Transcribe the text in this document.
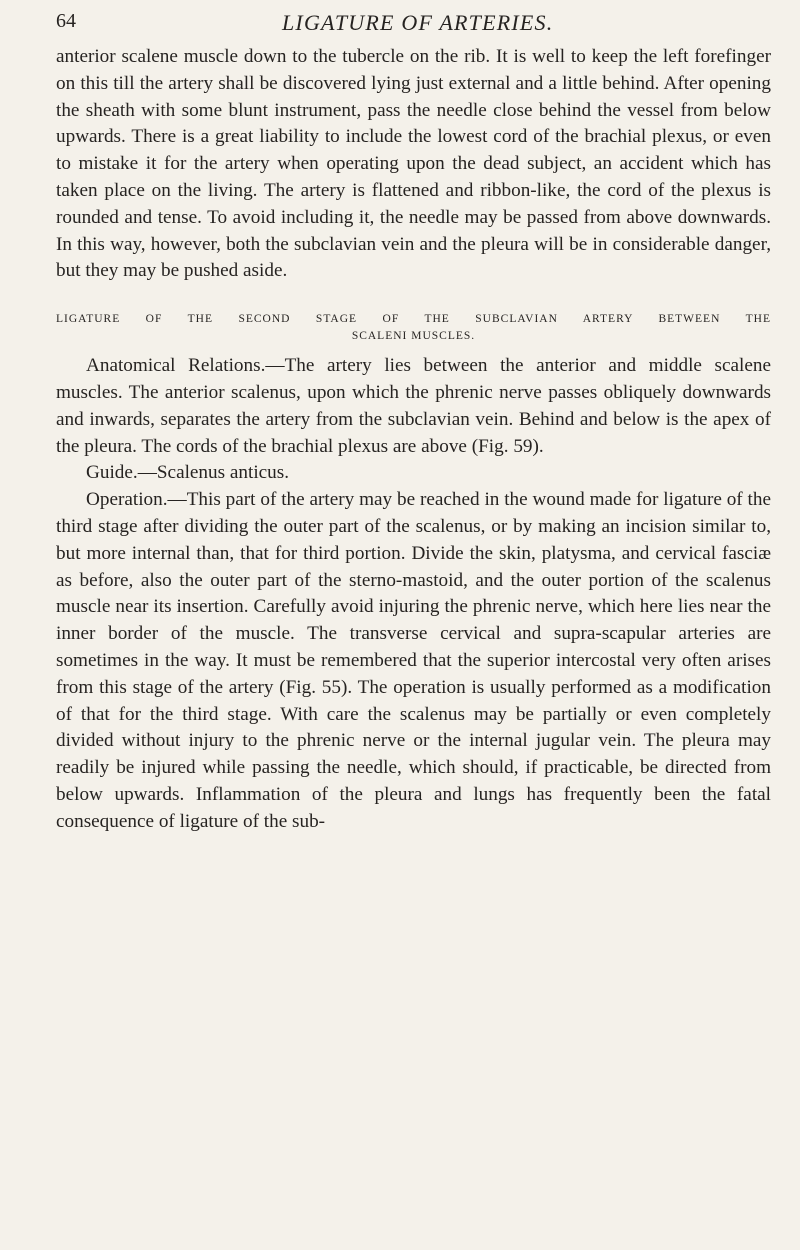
64	LIGATURE OF ARTERIES.

anterior scalene muscle down to the tubercle on the rib. It is well to keep the left forefinger on this till the artery shall be discovered lying just external and a little behind. After opening the sheath with some blunt instrument, pass the needle close behind the vessel from below upwards. There is a great liability to include the lowest cord of the brachial plexus, or even to mistake it for the artery when operating upon the dead subject, an accident which has taken place on the living. The artery is flattened and ribbon-like, the cord of the plexus is rounded and tense. To avoid including it, the needle may be passed from above downwards. In this way, however, both the subclavian vein and the pleura will be in considerable danger, but they may be pushed aside.

LIGATURE OF THE SECOND STAGE OF THE SUBCLAVIAN ARTERY BETWEEN THE
SCALENI MUSCLES.

Anatomical Relations.—The artery lies between the anterior and middle scalene muscles. The anterior scalenus, upon which the phrenic nerve passes obliquely downwards and inwards, separates the artery from the subclavian vein. Behind and below is the apex of the pleura. The cords of the brachial plexus are above (Fig. 59).

Guide.—Scalenus anticus.

Operation.—This part of the artery may be reached in the wound made for ligature of the third stage after dividing the outer part of the scalenus, or by making an incision similar to, but more internal than, that for third portion. Divide the skin, platysma, and cervical fasciæ as before, also the outer part of the sterno-mastoid, and the outer portion of the scalenus muscle near its insertion. Carefully avoid injuring the phrenic nerve, which here lies near the inner border of the muscle. The transverse cervical and supra-scapular arteries are sometimes in the way. It must be remembered that the superior intercostal very often arises from this stage of the artery (Fig. 55). The operation is usually performed as a modification of that for the third stage. With care the scalenus may be partially or even completely divided without injury to the phrenic nerve or the internal jugular vein. The pleura may readily be injured while passing the needle, which should, if practicable, be directed from below upwards. Inflammation of the pleura and lungs has frequently been the fatal consequence of ligature of the sub-
